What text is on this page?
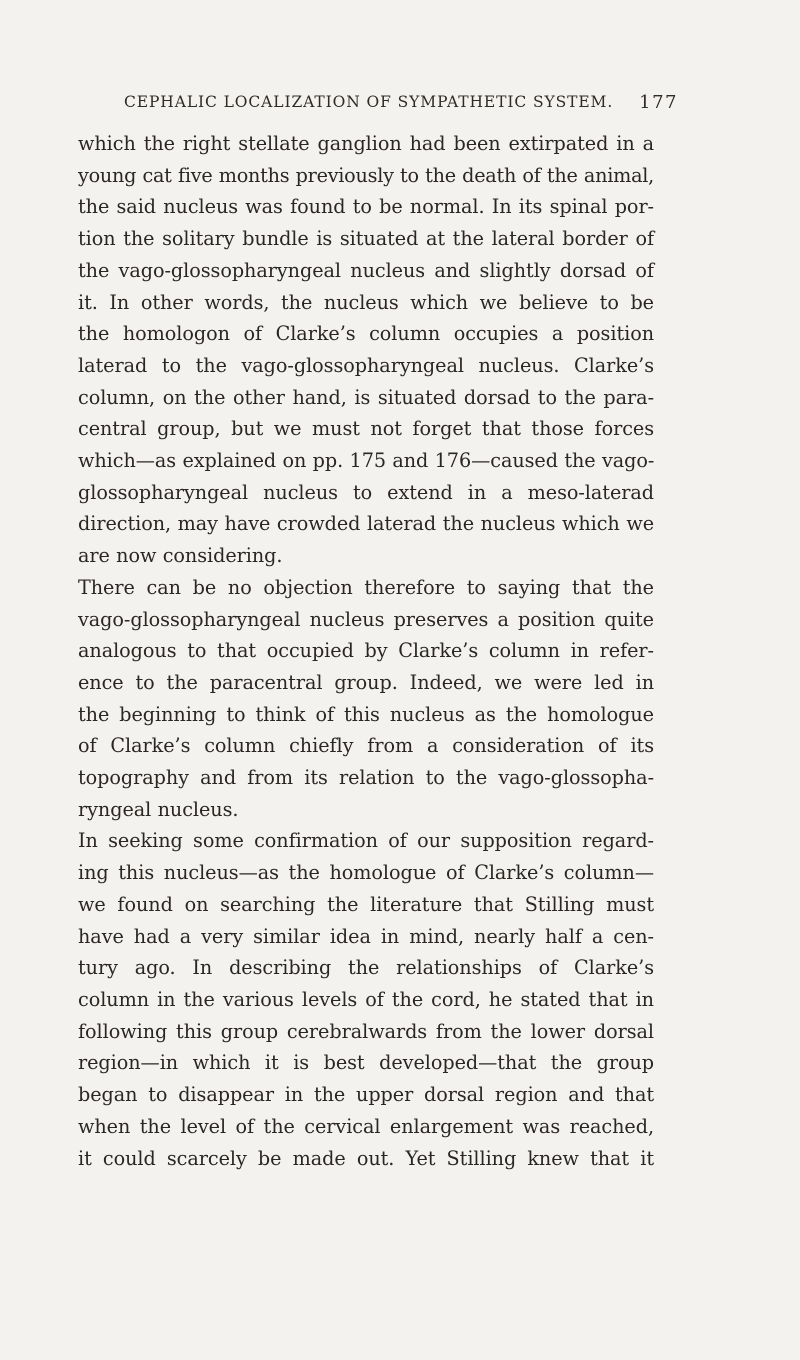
CEPHALIC LOCALIZATION OF SYMPATHETIC SYSTEM. 177

which the right stellate ganglion had been extirpated in a
young cat five months previously to the death of the animal,
the said nucleus was found to be normal. In its spinal por-
tion the solitary bundle is situated at the lateral border of
the vago-glossopharyngeal nucleus and slightly dorsad of
it. In other words, the nucleus which we believe to be
the homologon of Clarke’s column occupies a position
laterad to the vago-glossopharyngeal nucleus. Clarke’s
column, on the other hand, is situated dorsad to the para-
central group, but we must not forget that those forces
which—as explained on pp. 175 and 176—caused the vago-
glossopharyngeal nucleus to extend in a meso-laterad
direction, may have crowded laterad the nucleus which we
are now considering.

There can be no objection therefore to saying that the
vago-glossopharyngeal nucleus preserves a position quite
analogous to that occupied by Clarke’s column in refer-
ence to the paracentral group. Indeed, we were led in
the beginning to think of this nucleus as the homologue
of Clarke’s column chiefly from a consideration of its
topography and from its relation to the vago-glossopha-
ryngeal nucleus.

In seeking some confirmation of our supposition regard-
ing this nucleus—as the homologue of Clarke’s column—
we found on searching the literature that Stilling must
have had a very similar idea in mind, nearly half a cen-
tury ago. In describing the relationships of Clarke’s
column in the various levels of the cord, he stated that in
following this group cerebralwards from the lower dorsal
region—in which it is best developed—that the group
began to disappear in the upper dorsal region and that
when the level of the cervical enlargement was reached,
it could scarcely be made out. Yet Stilling knew that it
